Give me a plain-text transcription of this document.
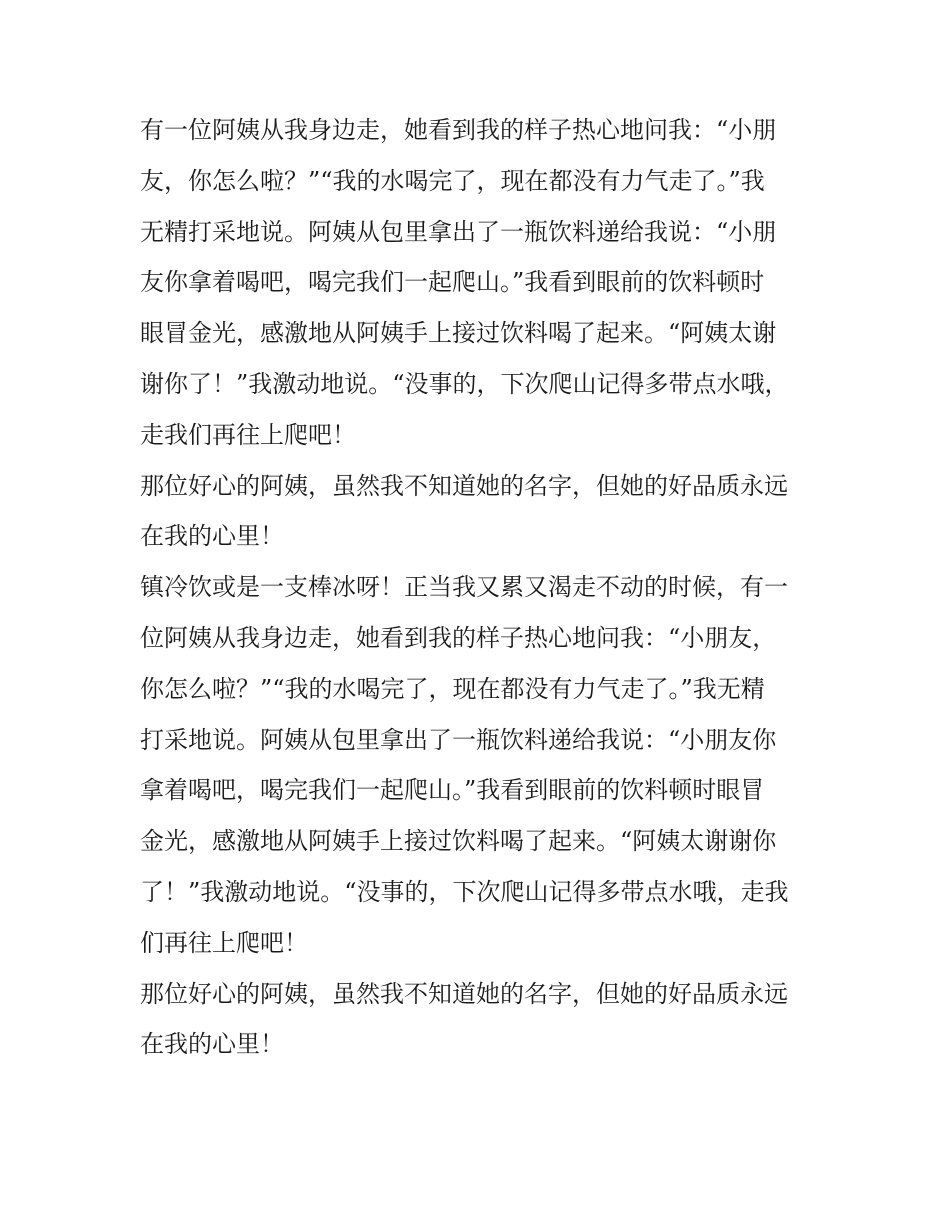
有一位阿姨从我身边走，她看到我的样子热心地问我：“小朋
友，你怎么啦？”“我的水喝完了，现在都没有力气走了。”我
无精打采地说。阿姨从包里拿出了一瓶饮料递给我说：“小朋
友你拿着喝吧，喝完我们一起爬山。”我看到眼前的饮料顿时
眼冒金光，感激地从阿姨手上接过饮料喝了起来。“阿姨太谢
谢你了！”我激动地说。“没事的，下次爬山记得多带点水哦，
走我们再往上爬吧！
那位好心的阿姨，虽然我不知道她的名字，但她的好品质永远
在我的心里！
镇冷饮或是一支棒冰呀！正当我又累又渴走不动的时候，有一
位阿姨从我身边走，她看到我的样子热心地问我：“小朋友，
你怎么啦？”“我的水喝完了，现在都没有力气走了。”我无精
打采地说。阿姨从包里拿出了一瓶饮料递给我说：“小朋友你
拿着喝吧，喝完我们一起爬山。”我看到眼前的饮料顿时眼冒
金光，感激地从阿姨手上接过饮料喝了起来。“阿姨太谢谢你
了！”我激动地说。“没事的，下次爬山记得多带点水哦，走我
们再往上爬吧！
那位好心的阿姨，虽然我不知道她的名字，但她的好品质永远
在我的心里！
